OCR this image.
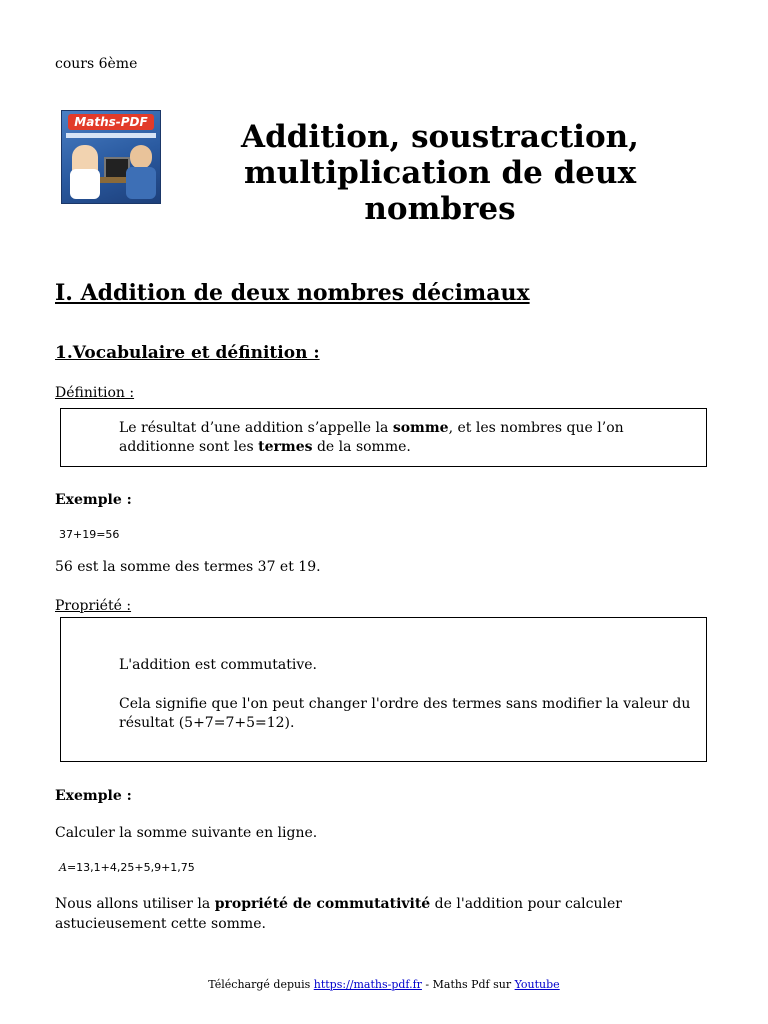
cours 6ème
Maths-PDF	Addition, soustraction,
multiplication de deux nombres
I. Addition de deux nombres décimaux
1.Vocabulaire et définition :
Définition :
Le résultat d’une addition s’appelle la somme, et les nombres que l’on additionne sont les termes de la somme.
Exemple :
37+19=56
56 est la somme des termes 37 et 19.
Propriété :
L'addition est commutative.
Cela signifie que l'on peut changer l'ordre des termes sans modifier la valeur du résultat (5+7=7+5=12).
Exemple :
Calculer la somme suivante en ligne.
A=13,1+4,25+5,9+1,75
Nous allons utiliser la propriété de commutativité de l'addition pour calculer astucieusement cette somme.
Téléchargé depuis https://maths-pdf.fr - Maths Pdf sur Youtube
